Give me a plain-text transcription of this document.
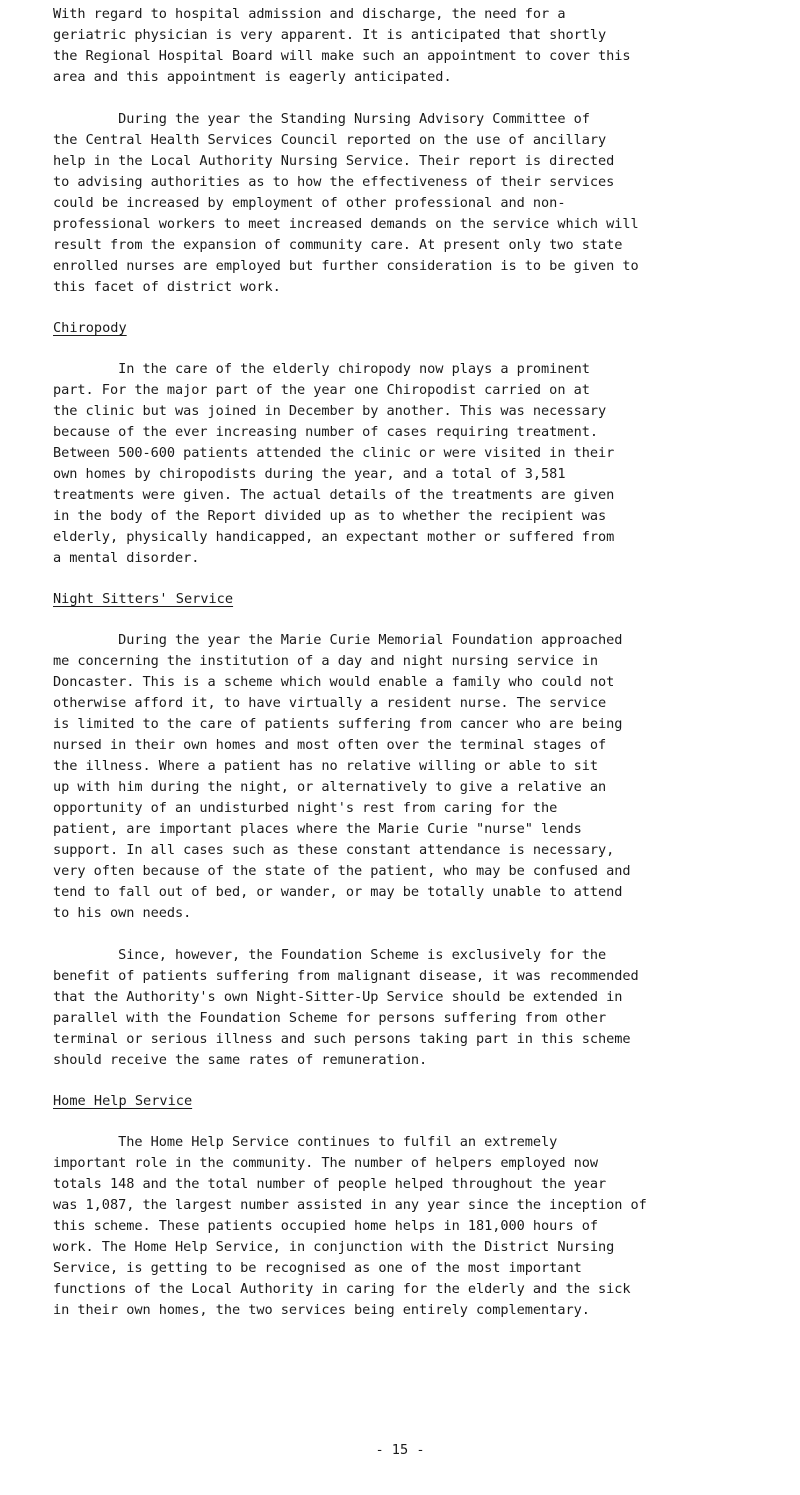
With regard to hospital admission and discharge, the need for a

geriatric physician is very apparent. It is anticipated that shortly

the Regional Hospital Board will make such an appointment to cover this

area and this appointment is eagerly anticipated.

During the year the Standing Nursing Advisory Committee of

the Central Health Services Council reported on the use of ancillary

help in the Local Authority Nursing Service. Their report is directed

to advising authorities as to how the effectiveness of their services

could be increased by employment of other professional and non-

professional workers to meet increased demands on the service which will

result from the expansion of community care. At present only two state

enrolled nurses are employed but further consideration is to be given to

this facet of district work.

Chiropody

In the care of the elderly chiropody now plays a prominent

part. For the major part of the year one Chiropodist carried on at

the clinic but was joined in December by another. This was necessary

because of the ever increasing number of cases requiring treatment.

Between 500-600 patients attended the clinic or were visited in their

own homes by chiropodists during the year, and a total of 3,581

treatments were given. The actual details of the treatments are given

in the body of the Report divided up as to whether the recipient was

elderly, physically handicapped, an expectant mother or suffered from

a mental disorder.

Night Sitters' Service

During the year the Marie Curie Memorial Foundation approached

me concerning the institution of a day and night nursing service in

Doncaster. This is a scheme which would enable a family who could not

otherwise afford it, to have virtually a resident nurse. The service

is limited to the care of patients suffering from cancer who are being

nursed in their own homes and most often over the terminal stages of

the illness. Where a patient has no relative willing or able to sit

up with him during the night, or alternatively to give a relative an

opportunity of an undisturbed night's rest from caring for the

patient, are important places where the Marie Curie "nurse" lends

support. In all cases such as these constant attendance is necessary,

very often because of the state of the patient, who may be confused and

tend to fall out of bed, or wander, or may be totally unable to attend

to his own needs.

Since, however, the Foundation Scheme is exclusively for the

benefit of patients suffering from malignant disease, it was recommended

that the Authority's own Night-Sitter-Up Service should be extended in

parallel with the Foundation Scheme for persons suffering from other

terminal or serious illness and such persons taking part in this scheme

should receive the same rates of remuneration.

Home Help Service

The Home Help Service continues to fulfil an extremely

important role in the community. The number of helpers employed now

totals 148 and the total number of people helped throughout the year

was 1,087, the largest number assisted in any year since the inception of

this scheme. These patients occupied home helps in 181,000 hours of

work. The Home Help Service, in conjunction with the District Nursing

Service, is getting to be recognised as one of the most important

functions of the Local Authority in caring for the elderly and the sick

in their own homes, the two services being entirely complementary.

- 15 -
